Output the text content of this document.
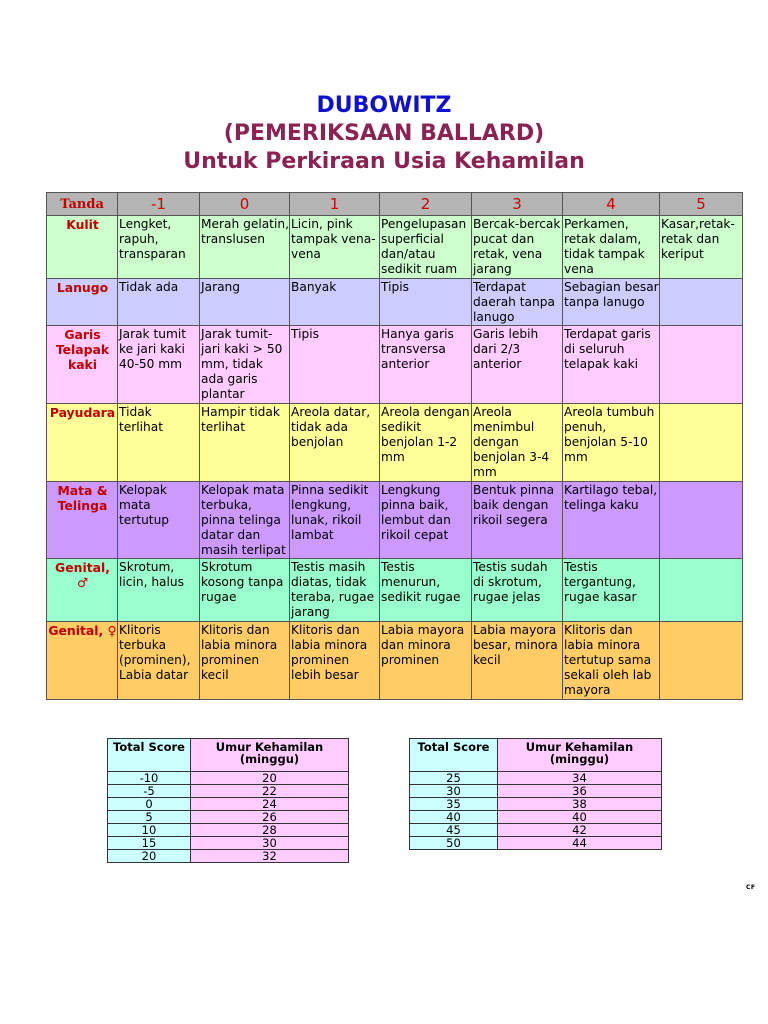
DUBOWITZ
(PEMERIKSAAN BALLARD)
Untuk Perkiraan Usia Kehamilan
Tanda	-1	0	1	2	3	4	5
Kulit	Lengket, rapuh, transparan	Merah gelatin, translusen	Licin, pink tampak vena-vena	Pengelupasan superficial dan/atau sedikit ruam	Bercak-bercak pucat dan retak, vena jarang	Perkamen, retak dalam, tidak tampak vena	Kasar,retak-retak dan keriput
Lanugo	Tidak ada	Jarang	Banyak	Tipis	Terdapat daerah tanpa lanugo	Sebagian besar tanpa lanugo	
Garis Telapak kaki	Jarak tumit ke jari kaki 40-50 mm	Jarak tumit-jari kaki > 50 mm, tidak ada garis plantar	Tipis	Hanya garis transversa anterior	Garis lebih dari 2/3 anterior	Terdapat garis di seluruh telapak kaki	
Payudara	Tidak terlihat	Hampir tidak terlihat	Areola datar, tidak ada benjolan	Areola dengan sedikit benjolan 1-2 mm	Areola menimbul dengan benjolan 3-4 mm	Areola tumbuh penuh, benjolan 5-10 mm	
Mata & Telinga	Kelopak mata tertutup	Kelopak mata terbuka, pinna telinga datar dan masih terlipat	Pinna sedikit lengkung, lunak, rikoil lambat	Lengkung pinna baik, lembut dan rikoil cepat	Bentuk pinna baik dengan rikoil segera	Kartilago tebal, telinga kaku	
Genital, ♂	Skrotum, licin, halus	Skrotum kosong tanpa rugae	Testis masih diatas, tidak teraba, rugae jarang	Testis menurun, sedikit rugae	Testis sudah di skrotum, rugae jelas	Testis tergantung, rugae kasar	
Genital, ♀	Klitoris terbuka (prominen), Labia datar	Klitoris dan labia minora prominen kecil	Klitoris dan labia minora prominen lebih besar	Labia mayora dan minora prominen	Labia mayora besar, minora kecil	Klitoris dan labia minora tertutup sama sekali oleh lab mayora	
Total Score	Umur Kehamilan (minggu)
-10	20
-5	22
0	24
5	26
10	28
15	30
20	32
Total Score	Umur Kehamilan (minggu)
25	34
30	36
35	38
40	40
45	42
50	44
CF
